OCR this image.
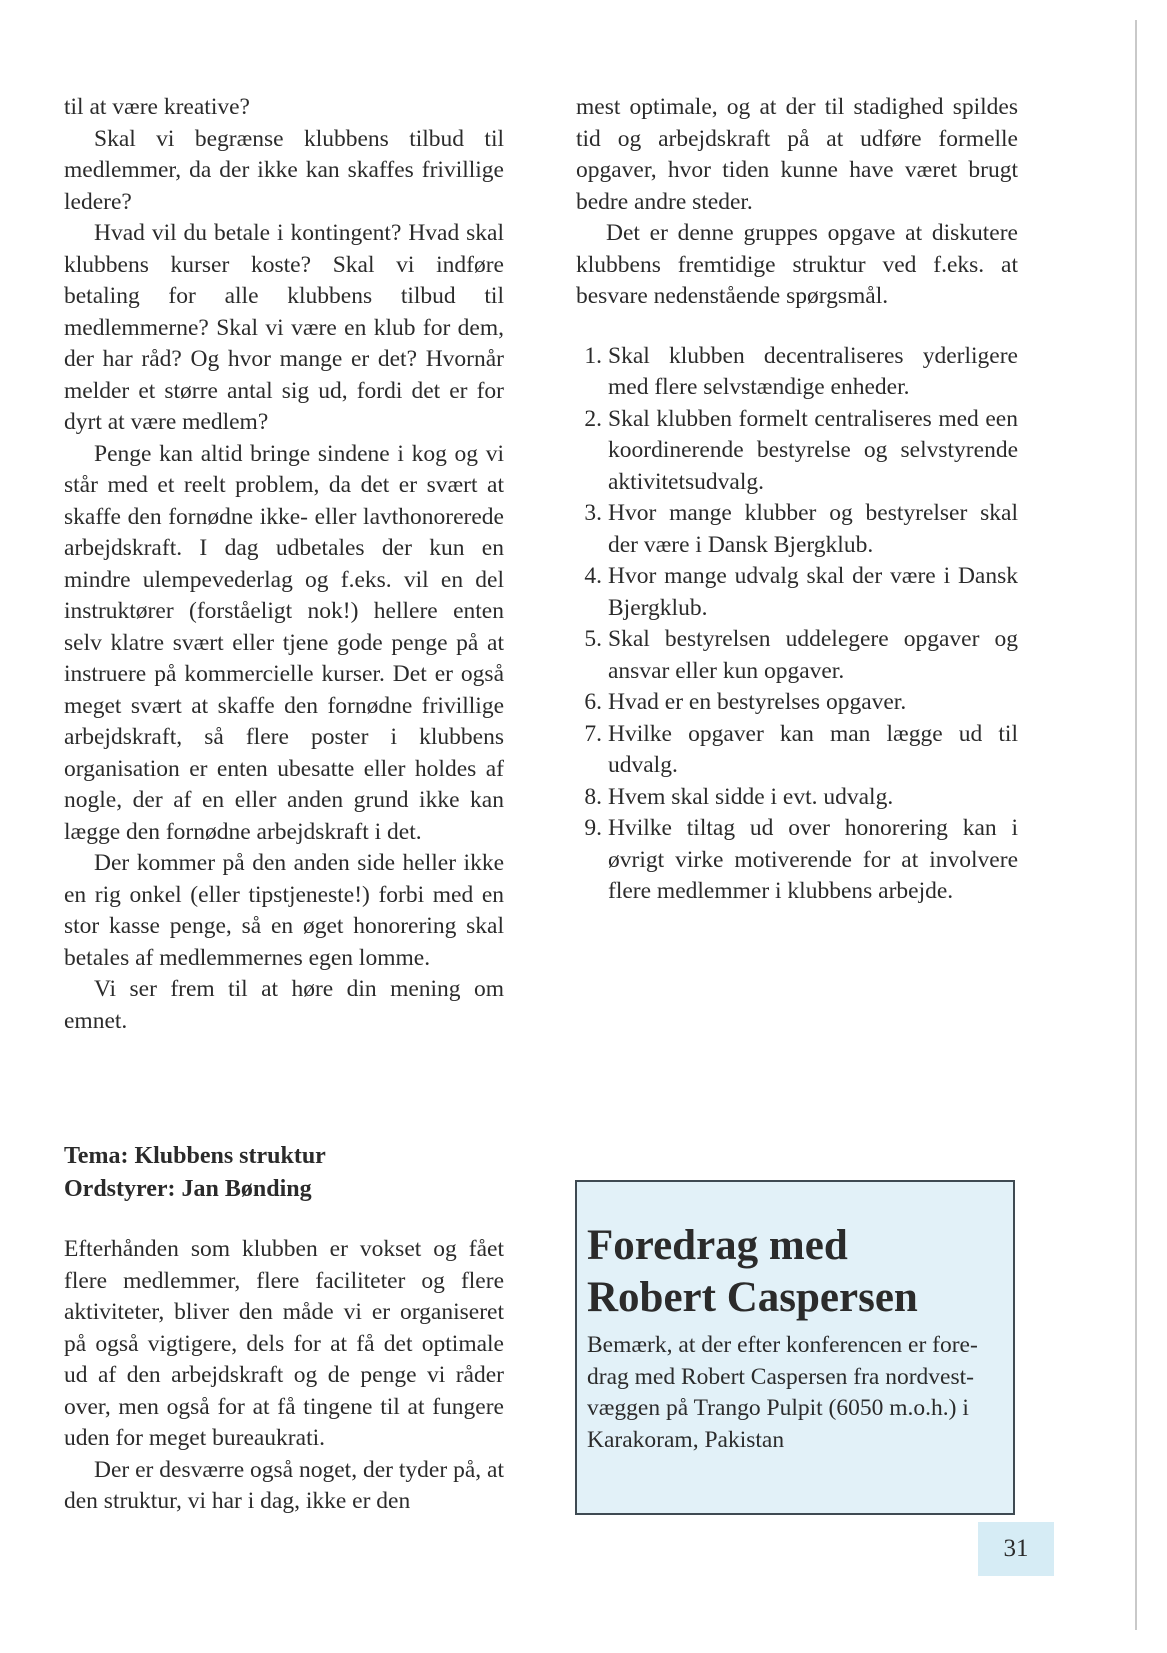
til at være kreative?

Skal vi begrænse klubbens tilbud til medlemmer, da der ikke kan skaffes frivillige ledere?

Hvad vil du betale i kontingent? Hvad skal klubbens kurser koste? Skal vi indføre betaling for alle klubbens tilbud til medlemmerne? Skal vi være en klub for dem, der har råd? Og hvor mange er det? Hvornår melder et større antal sig ud, fordi det er for dyrt at være medlem?

Penge kan altid bringe sindene i kog og vi står med et reelt problem, da det er svært at skaffe den fornødne ikke- eller lavthonorerede arbejdskraft. I dag udbetales der kun en mindre ulempevederlag og f.eks. vil en del instruktører (forståeligt nok!) hellere enten selv klatre svært eller tjene gode penge på at instruere på kommercielle kurser. Det er også meget svært at skaffe den fornødne frivillige arbejdskraft, så flere poster i klubbens organisation er enten ubesatte eller holdes af nogle, der af en eller anden grund ikke kan lægge den fornødne arbejdskraft i det.

Der kommer på den anden side heller ikke en rig onkel (eller tipstjeneste!) forbi med en stor kasse penge, så en øget honorering skal betales af medlemmernes egen lomme.

Vi ser frem til at høre din mening om emnet.

Tema: Klubbens struktur
Ordstyrer: Jan Bønding

Efterhånden som klubben er vokset og fået flere medlemmer, flere faciliteter og flere aktiviteter, bliver den måde vi er organiseret på også vigtigere, dels for at få det optimale ud af den arbejdskraft og de penge vi råder over, men også for at få tingene til at fungere uden for meget bureaukrati.

Der er desværre også noget, der tyder på, at den struktur, vi har i dag, ikke er den

mest optimale, og at der til stadighed spildes tid og arbejdskraft på at udføre formelle opgaver, hvor tiden kunne have været brugt bedre andre steder.

Det er denne gruppes opgave at diskutere klubbens fremtidige struktur ved f.eks. at besvare nedenstående spørgsmål.

1. Skal klubben decentraliseres yderligere med flere selvstændige enheder.
2. Skal klubben formelt centraliseres med een koordinerende bestyrelse og selvstyrende aktivitetsudvalg.
3. Hvor mange klubber og bestyrelser skal der være i Dansk Bjergklub.
4. Hvor mange udvalg skal der være i Dansk Bjergklub.
5. Skal bestyrelsen uddelegere opgaver og ansvar eller kun opgaver.
6. Hvad er en bestyrelses opgaver.
7. Hvilke opgaver kan man lægge ud til udvalg.
8. Hvem skal sidde i evt. udvalg.
9. Hvilke tiltag ud over honorering kan i øvrigt virke motiverende for at involvere flere medlemmer i klubbens arbejde.
Foredrag med
Robert Caspersen
Bemærk, at der efter konferencen er foredrag med Robert Caspersen fra nordvestvæggen på Trango Pulpit (6050 m.o.h.) i Karakoram, Pakistan
31
